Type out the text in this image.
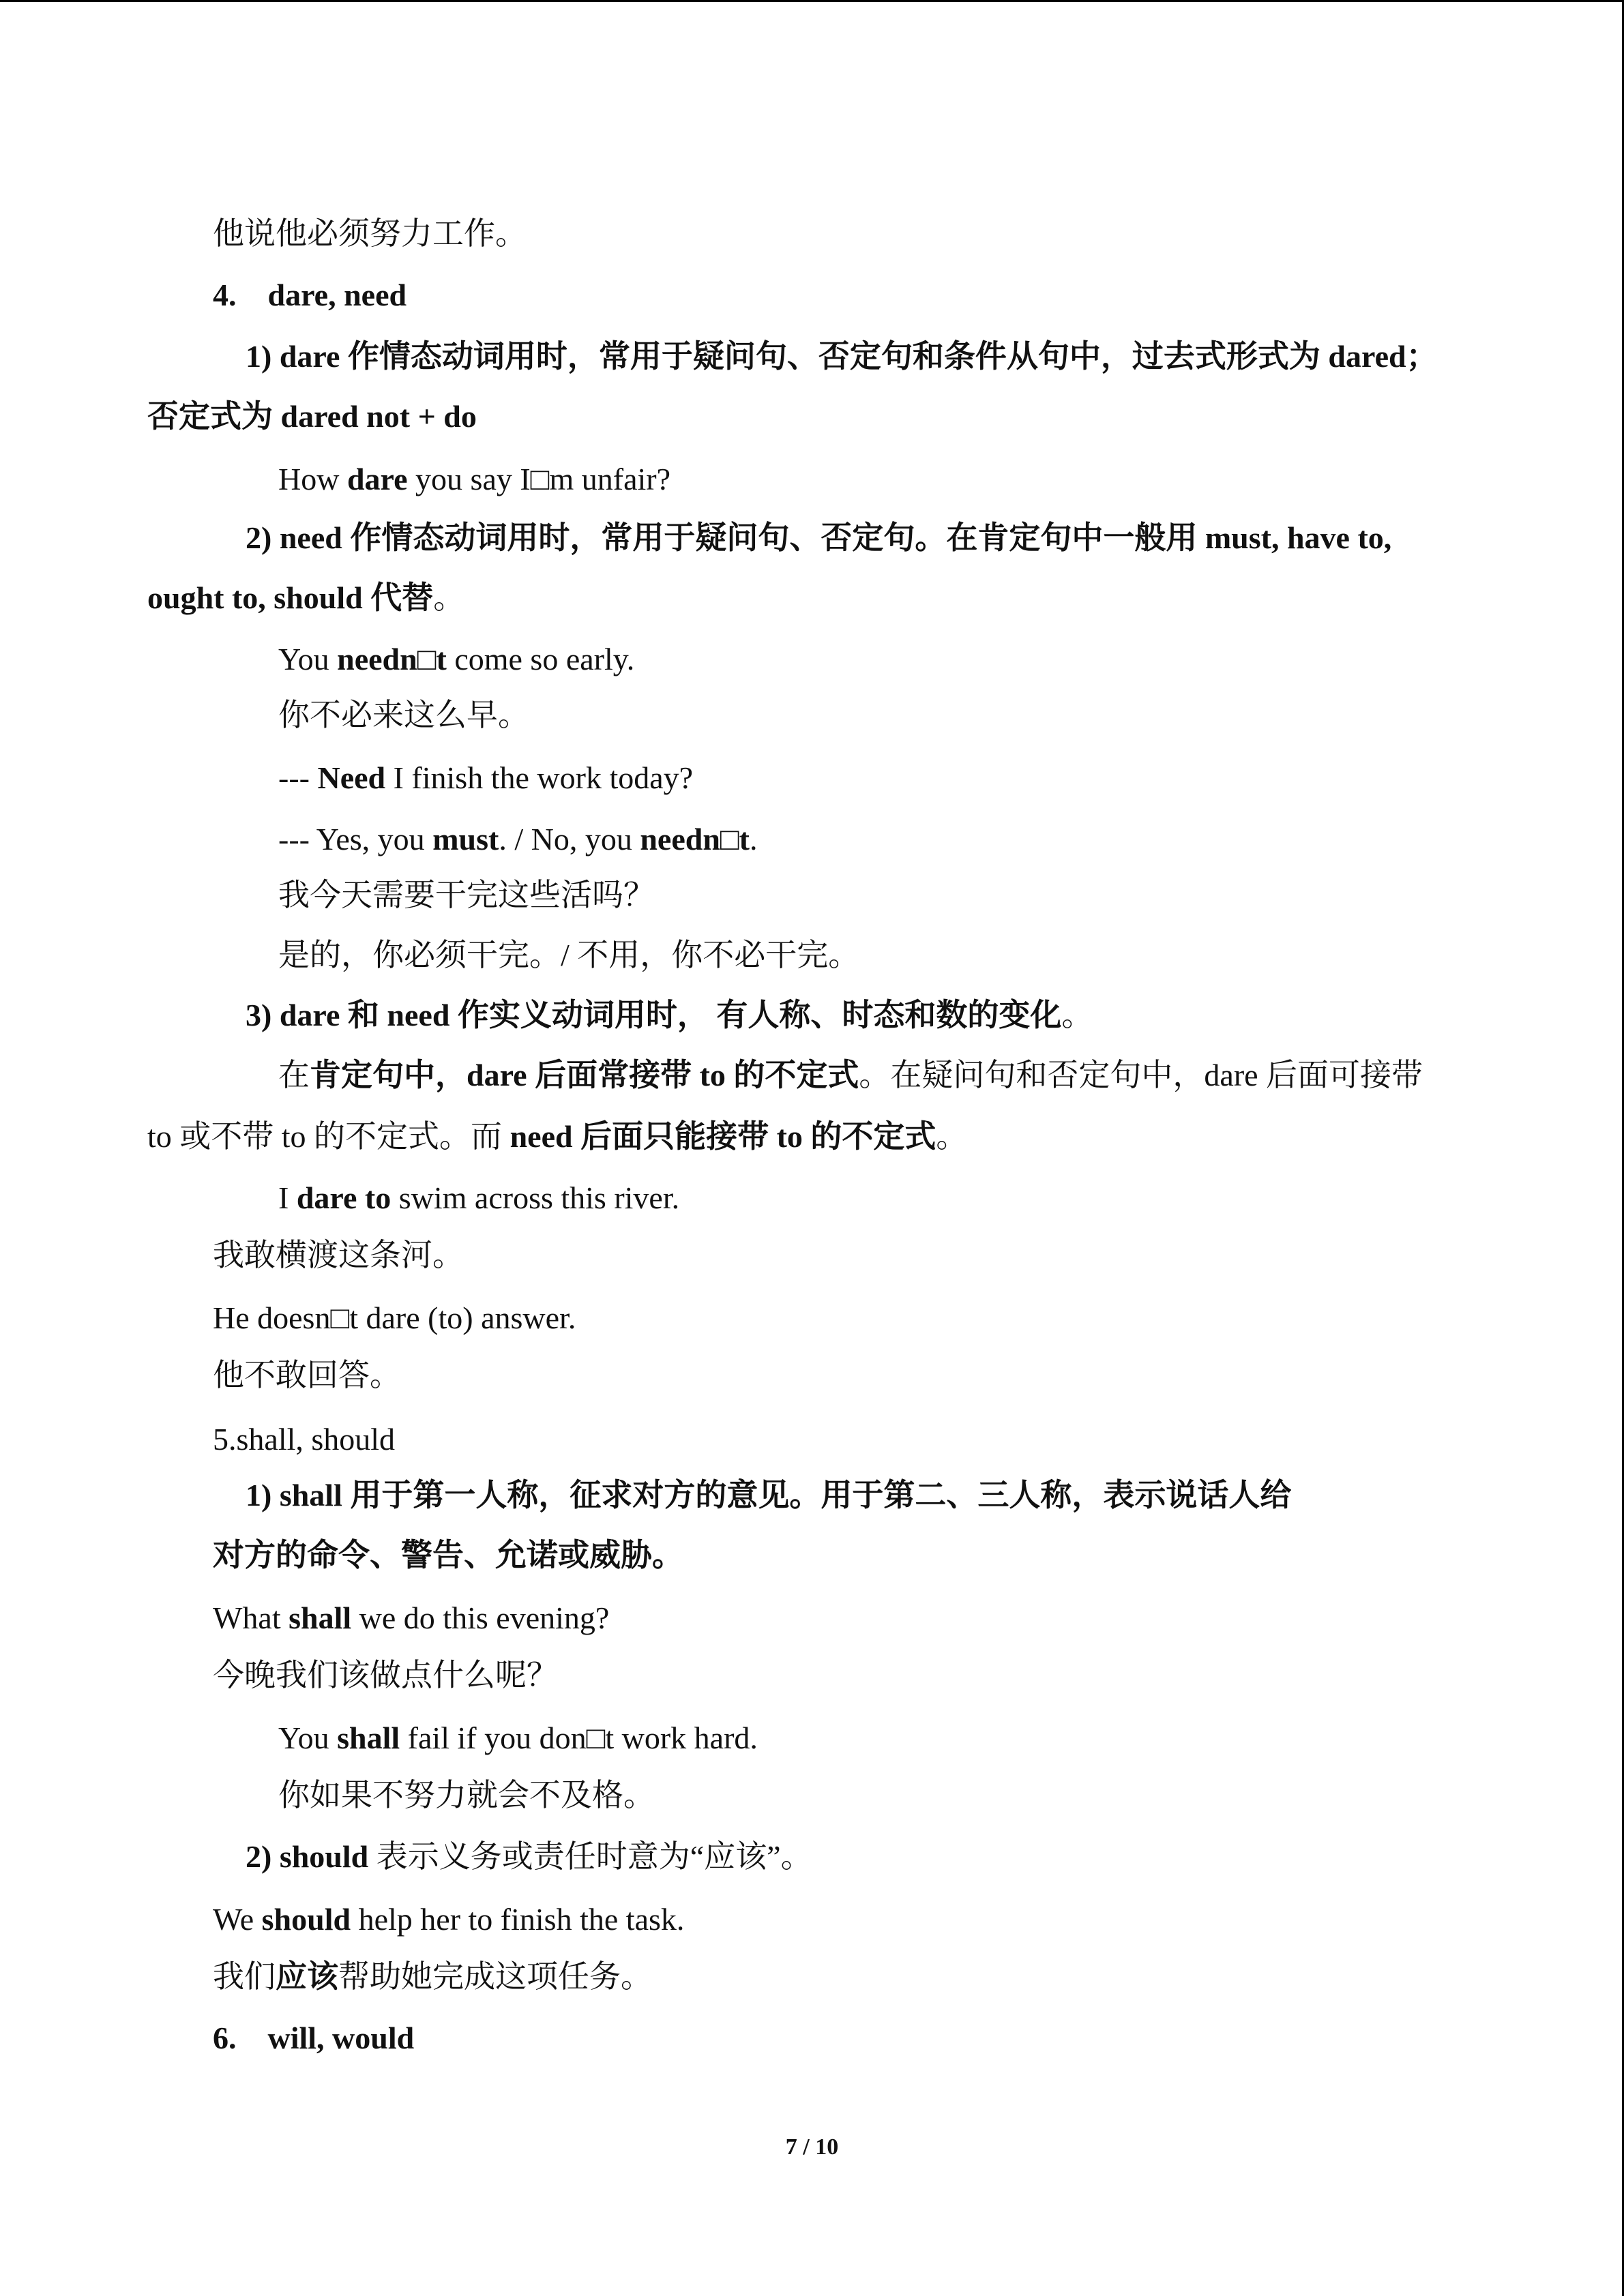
他说他必须努力工作。
4. dare, need
1) dare 作情态动词用时，常用于疑问句、否定句和条件从句中，过去式形式为 dared；
否定式为 dared not + do
How dare you say I□m unfair?
2) need 作情态动词用时，常用于疑问句、否定句。在肯定句中一般用 must, have to,
ought to, should 代替。
You needn□t come so early.
你不必来这么早。
--- Need I finish the work today?
--- Yes, you must. / No, you needn□t.
我今天需要干完这些活吗？
是的，你必须干完。/ 不用，你不必干完。
3) dare 和 need 作实义动词用时， 有人称、时态和数的变化。
在肯定句中，dare 后面常接带 to 的不定式。在疑问句和否定句中，dare 后面可接带
to 或不带 to 的不定式。而 need 后面只能接带 to 的不定式。
I dare to swim across this river.
我敢横渡这条河。
He doesn□t dare (to) answer.
他不敢回答。
5.shall, should
1) shall 用于第一人称，征求对方的意见。用于第二、三人称，表示说话人给
对方的命令、警告、允诺或威胁。
What shall we do this evening?
今晚我们该做点什么呢？
You shall fail if you don□t work hard.
你如果不努力就会不及格。
2) should 表示义务或责任时意为“应该”。
We should help her to finish the task.
我们应该帮助她完成这项任务。
6. will, would
7 / 10
